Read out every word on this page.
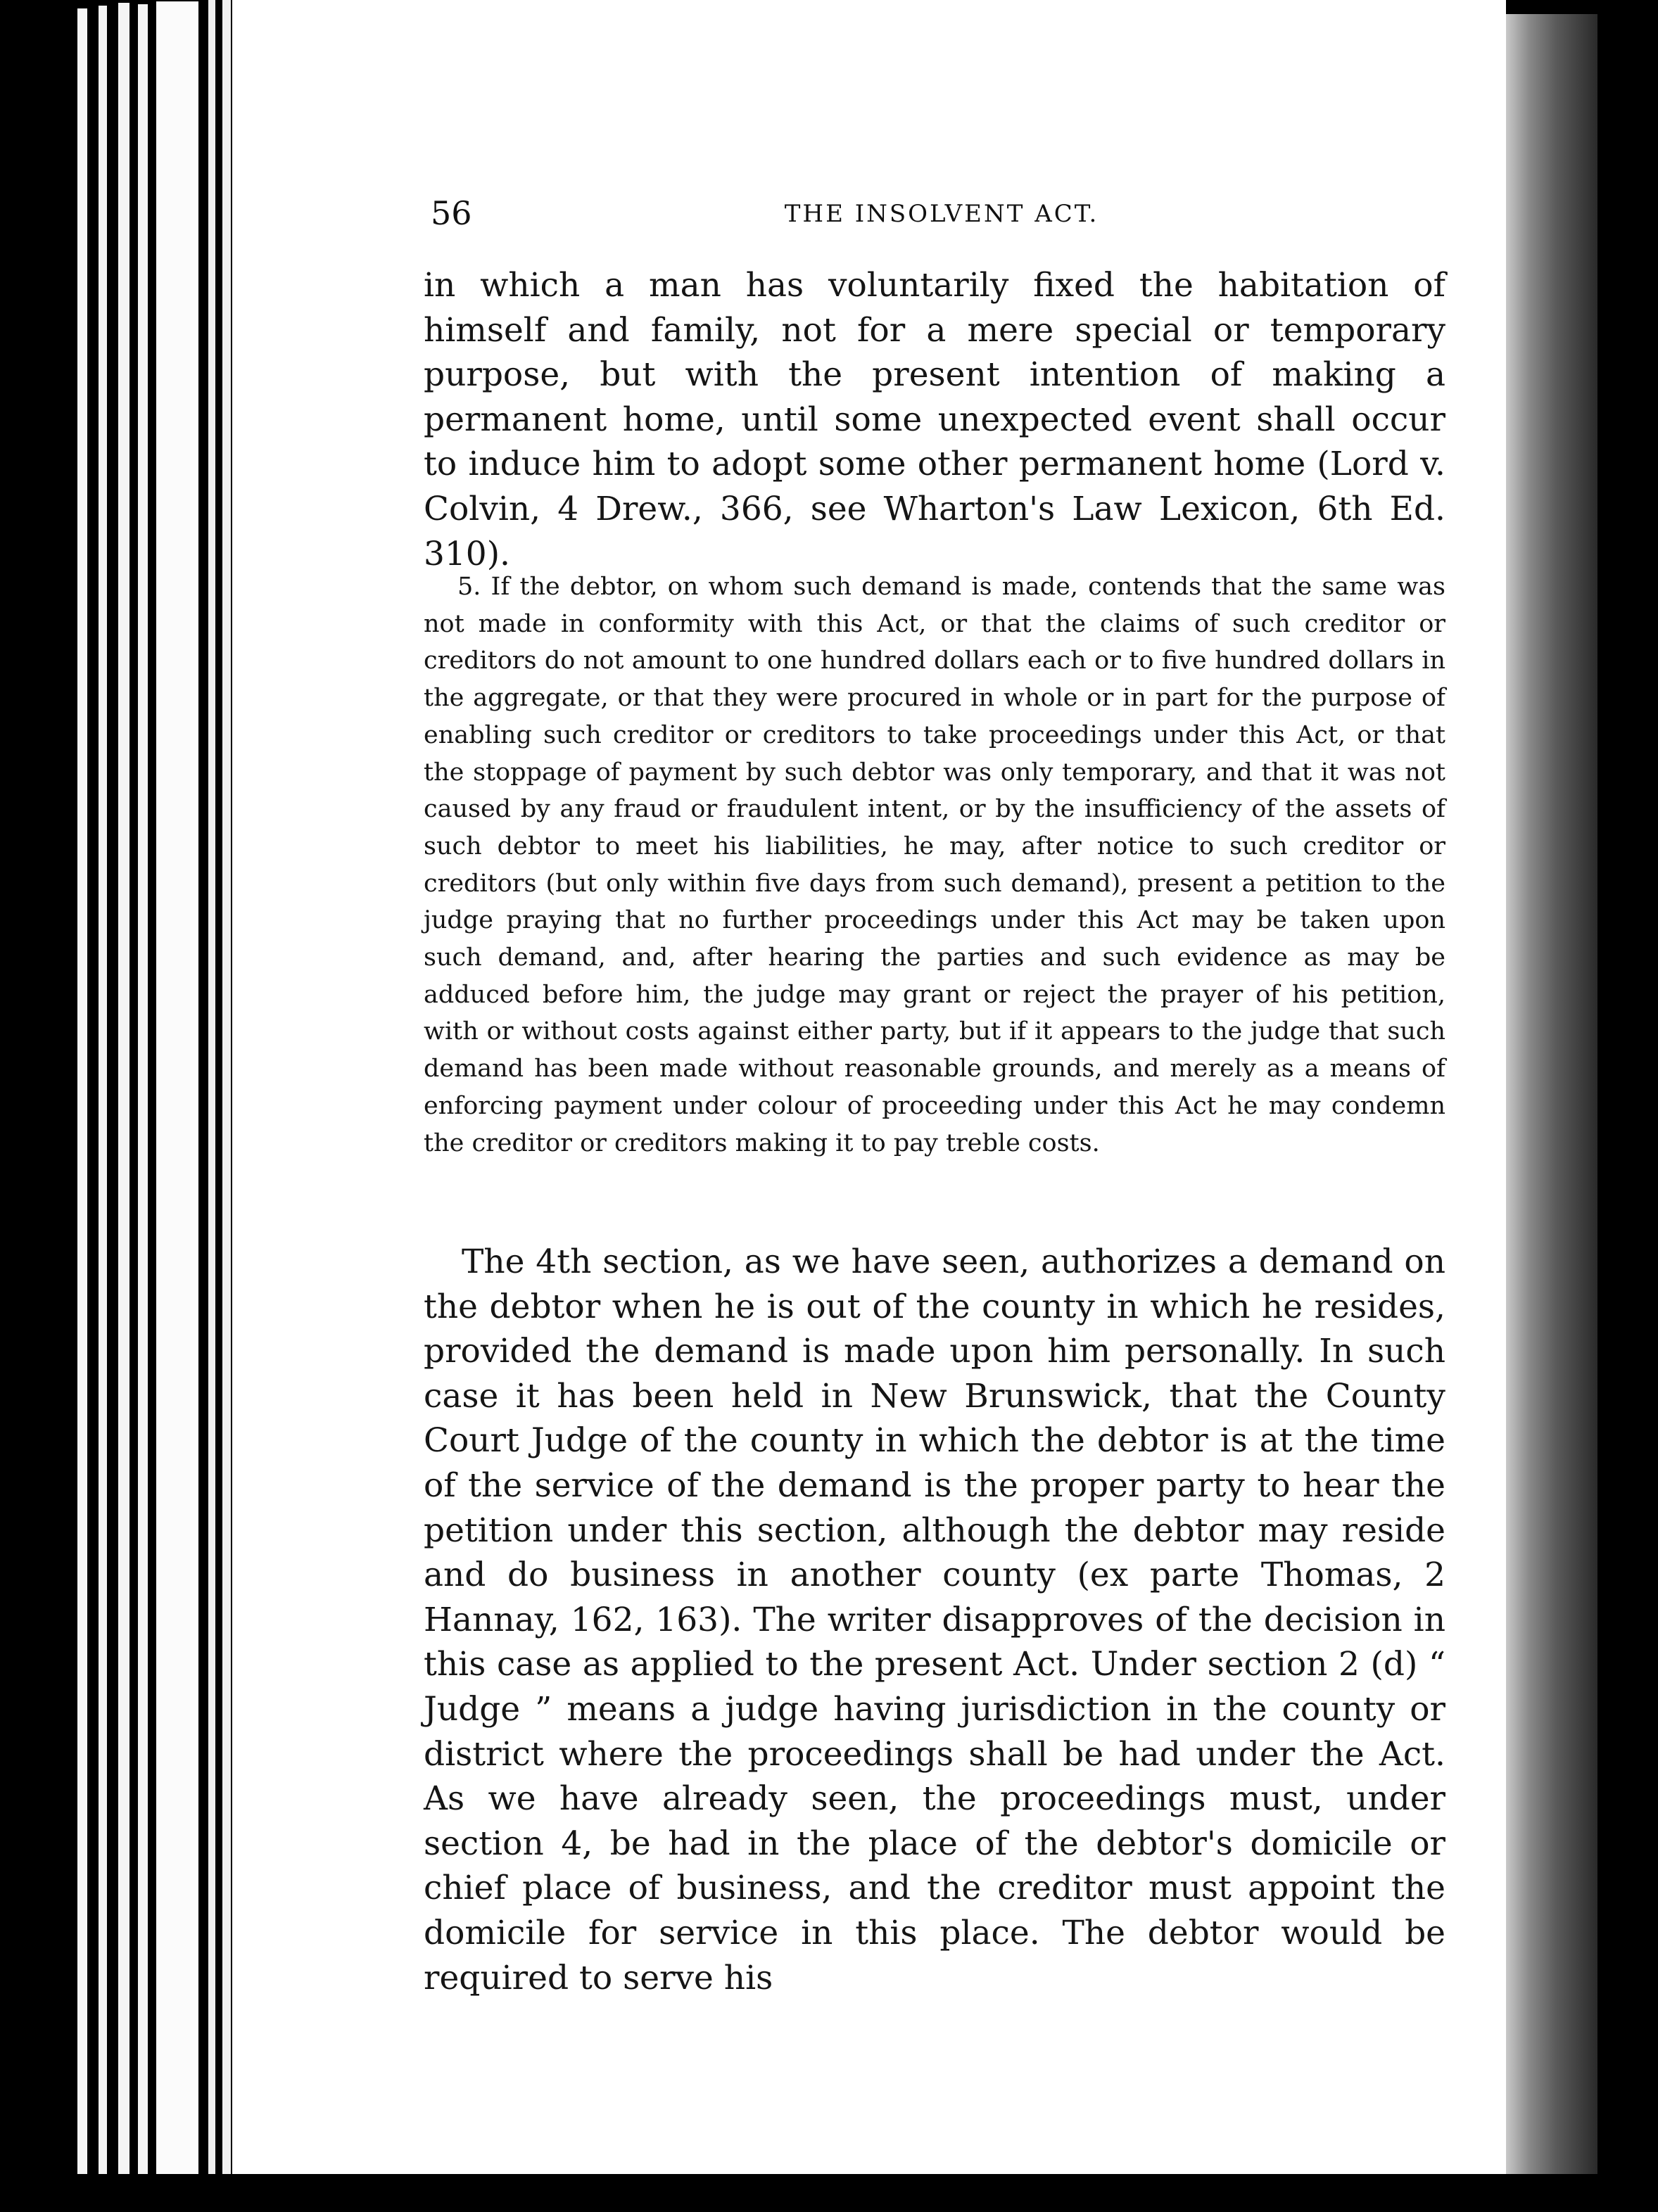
56	THE INSOLVENT ACT.

in which a man has voluntarily fixed the habitation of himself and family, not for a mere special or temporary purpose, but with the present intention of making a permanent home, until some unexpected event shall occur to induce him to adopt some other permanent home (Lord v. Colvin, 4 Drew., 366, see Wharton's Law Lexicon, 6th Ed. 310).

5. If the debtor, on whom such demand is made, contends that the same was not made in conformity with this Act, or that the claims of such creditor or creditors do not amount to one hundred dollars each or to five hundred dollars in the aggregate, or that they were procured in whole or in part for the purpose of enabling such creditor or creditors to take proceedings under this Act, or that the stoppage of payment by such debtor was only temporary, and that it was not caused by any fraud or fraudulent intent, or by the insufficiency of the assets of such debtor to meet his liabilities, he may, after notice to such creditor or creditors (but only within five days from such demand), present a petition to the judge praying that no further proceedings under this Act may be taken upon such demand, and, after hearing the parties and such evidence as may be adduced before him, the judge may grant or reject the prayer of his petition, with or without costs against either party, but if it appears to the judge that such demand has been made without reasonable grounds, and merely as a means of enforcing payment under colour of proceeding under this Act he may condemn the creditor or creditors making it to pay treble costs.

The 4th section, as we have seen, authorizes a demand on the debtor when he is out of the county in which he resides, provided the demand is made upon him personally. In such case it has been held in New Brunswick, that the County Court Judge of the county in which the debtor is at the time of the service of the demand is the proper party to hear the petition under this section, although the debtor may reside and do business in another county (ex parte Thomas, 2 Hannay, 162, 163). The writer disapproves of the decision in this case as applied to the present Act. Under section 2 (d) “ Judge ” means a judge having jurisdiction in the county or district where the proceedings shall be had under the Act. As we have already seen, the proceedings must, under section 4, be had in the place of the debtor's domicile or chief place of business, and the creditor must appoint the domicile for service in this place. The debtor would be required to serve his
